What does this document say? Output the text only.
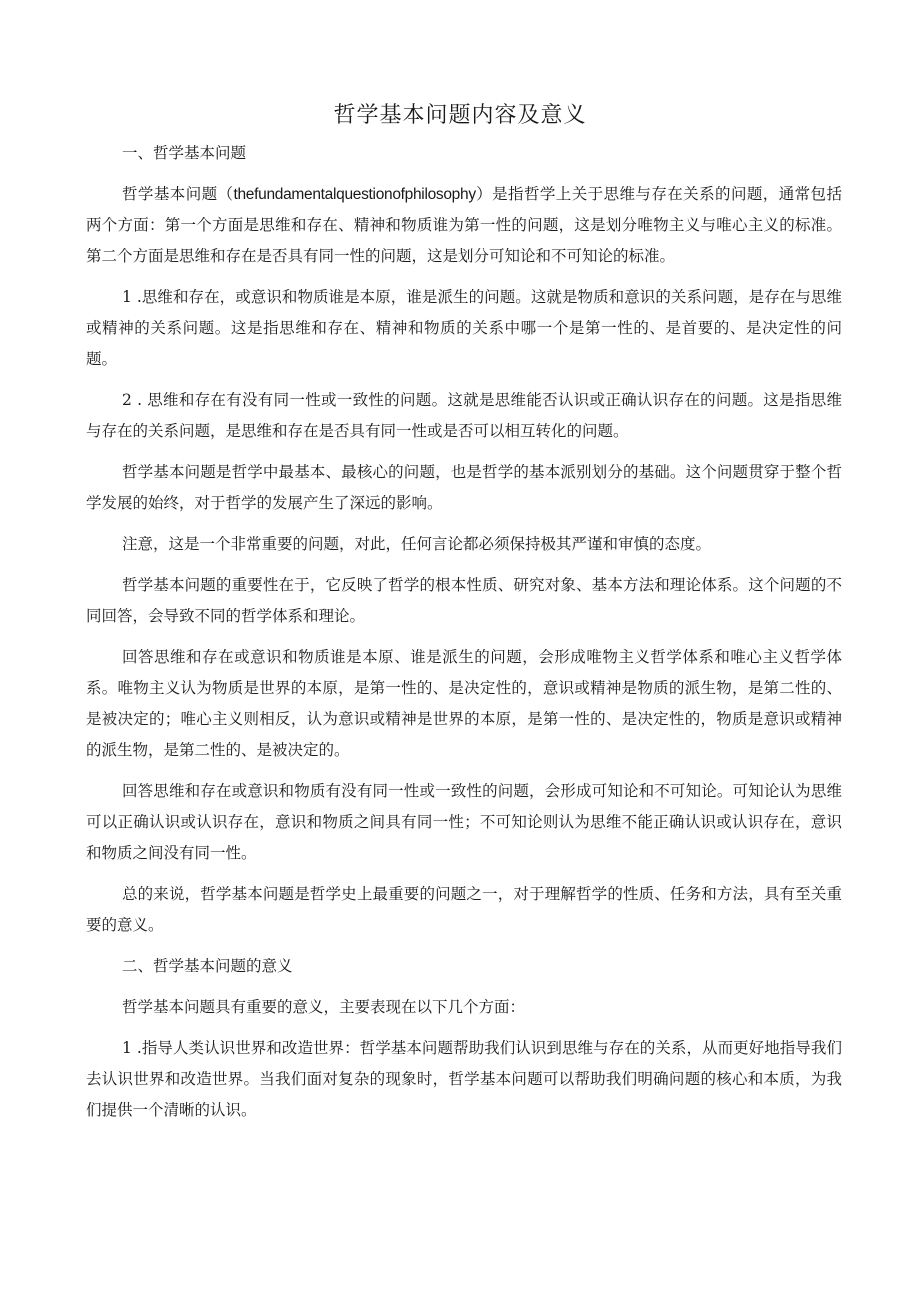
哲学基本问题内容及意义

一、哲学基本问题

哲学基本问题（thefundamentalquestionofphilosophy）是指哲学上关于思维与存在关系的问题，通常包括两个方面：第一个方面是思维和存在、精神和物质谁为第一性的问题，这是划分唯物主义与唯心主义的标准。第二个方面是思维和存在是否具有同一性的问题，这是划分可知论和不可知论的标准。

1 .思维和存在，或意识和物质谁是本原，谁是派生的问题。这就是物质和意识的关系问题，是存在与思维或精神的关系问题。这是指思维和存在、精神和物质的关系中哪一个是第一性的、是首要的、是决定性的问题。

2 . 思维和存在有没有同一性或一致性的问题。这就是思维能否认识或正确认识存在的问题。这是指思维与存在的关系问题，是思维和存在是否具有同一性或是否可以相互转化的问题。

哲学基本问题是哲学中最基本、最核心的问题，也是哲学的基本派别划分的基础。这个问题贯穿于整个哲学发展的始终，对于哲学的发展产生了深远的影响。

注意，这是一个非常重要的问题，对此，任何言论都必须保持极其严谨和审慎的态度。

哲学基本问题的重要性在于，它反映了哲学的根本性质、研究对象、基本方法和理论体系。这个问题的不同回答，会导致不同的哲学体系和理论。

回答思维和存在或意识和物质谁是本原、谁是派生的问题，会形成唯物主义哲学体系和唯心主义哲学体系。唯物主义认为物质是世界的本原，是第一性的、是决定性的，意识或精神是物质的派生物，是第二性的、是被决定的；唯心主义则相反，认为意识或精神是世界的本原，是第一性的、是决定性的，物质是意识或精神的派生物，是第二性的、是被决定的。

回答思维和存在或意识和物质有没有同一性或一致性的问题，会形成可知论和不可知论。可知论认为思维可以正确认识或认识存在，意识和物质之间具有同一性；不可知论则认为思维不能正确认识或认识存在，意识和物质之间没有同一性。

总的来说，哲学基本问题是哲学史上最重要的问题之一，对于理解哲学的性质、任务和方法，具有至关重要的意义。

二、哲学基本问题的意义

哲学基本问题具有重要的意义，主要表现在以下几个方面：

1 .指导人类认识世界和改造世界：哲学基本问题帮助我们认识到思维与存在的关系，从而更好地指导我们去认识世界和改造世界。当我们面对复杂的现象时，哲学基本问题可以帮助我们明确问题的核心和本质，为我们提供一个清晰的认识。
